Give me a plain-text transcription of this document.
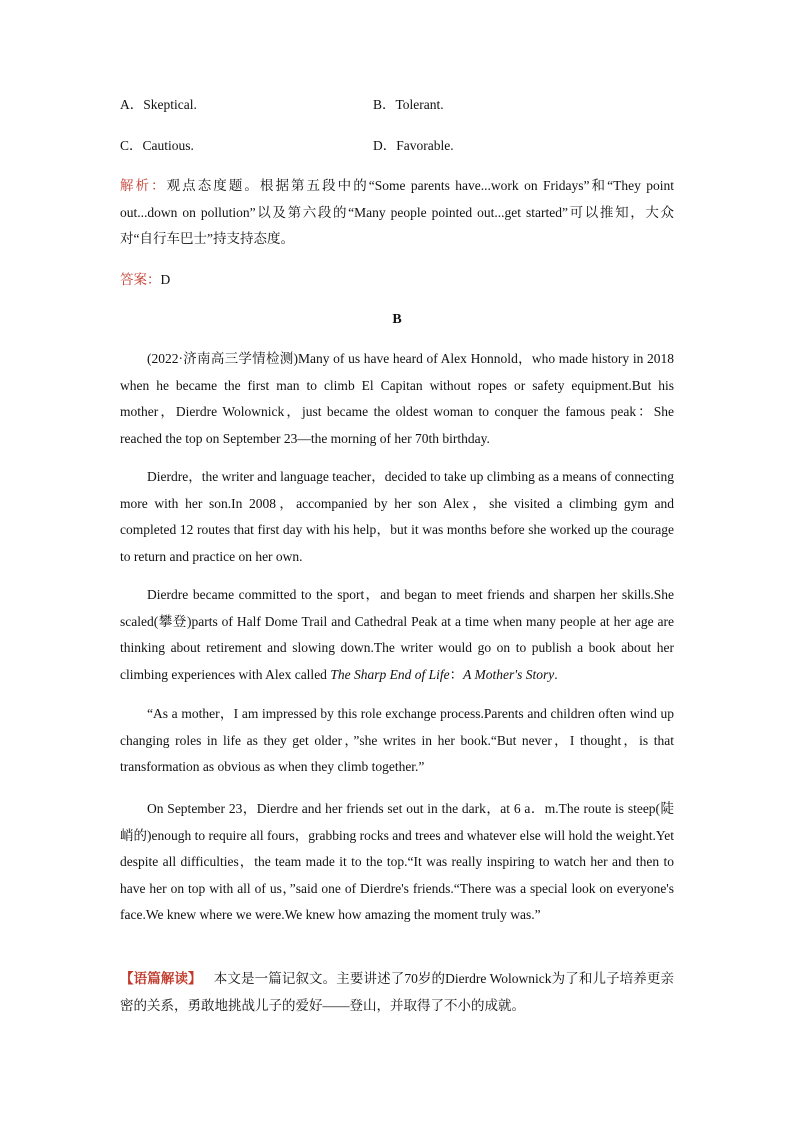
A．Skeptical.	B．Tolerant.
C．Cautious.	D．Favorable.
解析：观点态度题。根据第五段中的“Some parents have...work on Fridays”和“They point out...down on pollution”以及第六段的“Many people pointed out...get started”可以推知，大众对“自行车巴士”持支持态度。
答案：D
B
(2022·济南高三学情检测)Many of us have heard of Alex Honnold，who made history in 2018 when he became the first man to climb El Capitan without ropes or safety equipment.But his mother，Dierdre Wolownick，just became the oldest woman to conquer the famous peak：She reached the top on September 23—the morning of her 70th birthday.
Dierdre，the writer and language teacher，decided to take up climbing as a means of connecting more with her son.In 2008，accompanied by her son Alex，she visited a climbing gym and completed 12 routes that first day with his help，but it was months before she worked up the courage to return and practice on her own.
Dierdre became committed to the sport，and began to meet friends and sharpen her skills.She scaled(攀登)parts of Half Dome Trail and Cathedral Peak at a time when many people at her age are thinking about retirement and slowing down.The writer would go on to publish a book about her climbing experiences with Alex called The Sharp End of Life：A Mother's Story.
“As a mother，I am impressed by this role exchange process.Parents and children often wind up changing roles in life as they get older，”she writes in her book.“But never，I thought，is that transformation as obvious as when they climb together.”
On September 23，Dierdre and her friends set out in the dark，at 6 a．m.The route is steep(陡峭的)enough to require all fours，grabbing rocks and trees and whatever else will hold the weight.Yet despite all difficulties，the team made it to the top.“It was really inspiring to watch her and then to have her on top with all of us，”said one of Dierdre's friends.“There was a special look on everyone's face.We knew where we were.We knew how amazing the moment truly was.”
【语篇解读】 本文是一篇记叙文。主要讲述了70岁的Dierdre Wolownick为了和儿子培养更亲密的关系，勇敢地挑战儿子的爱好——登山，并取得了不小的成就。
